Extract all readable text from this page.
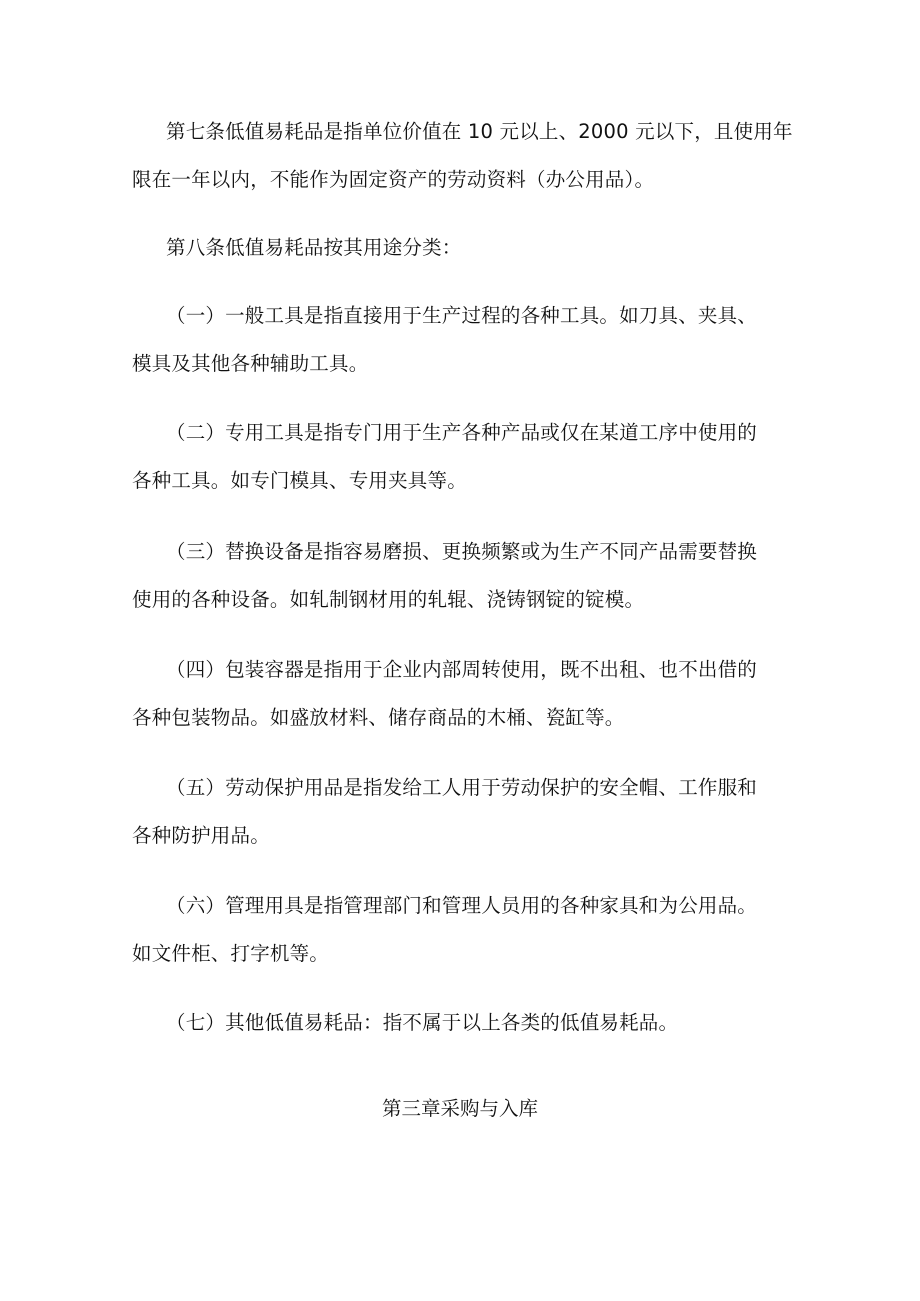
第七条低值易耗品是指单位价值在 10 元以上、2000 元以下，且使用年
限在一年以内，不能作为固定资产的劳动资料（办公用品）。

第八条低值易耗品按其用途分类：

（一）一般工具是指直接用于生产过程的各种工具。如刀具、夹具、
模具及其他各种辅助工具。

（二）专用工具是指专门用于生产各种产品或仅在某道工序中使用的
各种工具。如专门模具、专用夹具等。

（三）替换设备是指容易磨损、更换频繁或为生产不同产品需要替换
使用的各种设备。如轧制钢材用的轧辊、浇铸钢锭的锭模。

（四）包装容器是指用于企业内部周转使用，既不出租、也不出借的
各种包装物品。如盛放材料、储存商品的木桶、瓷缸等。

（五）劳动保护用品是指发给工人用于劳动保护的安全帽、工作服和
各种防护用品。

（六）管理用具是指管理部门和管理人员用的各种家具和为公用品。
如文件柜、打字机等。

（七）其他低值易耗品：指不属于以上各类的低值易耗品。

第三章采购与入库
